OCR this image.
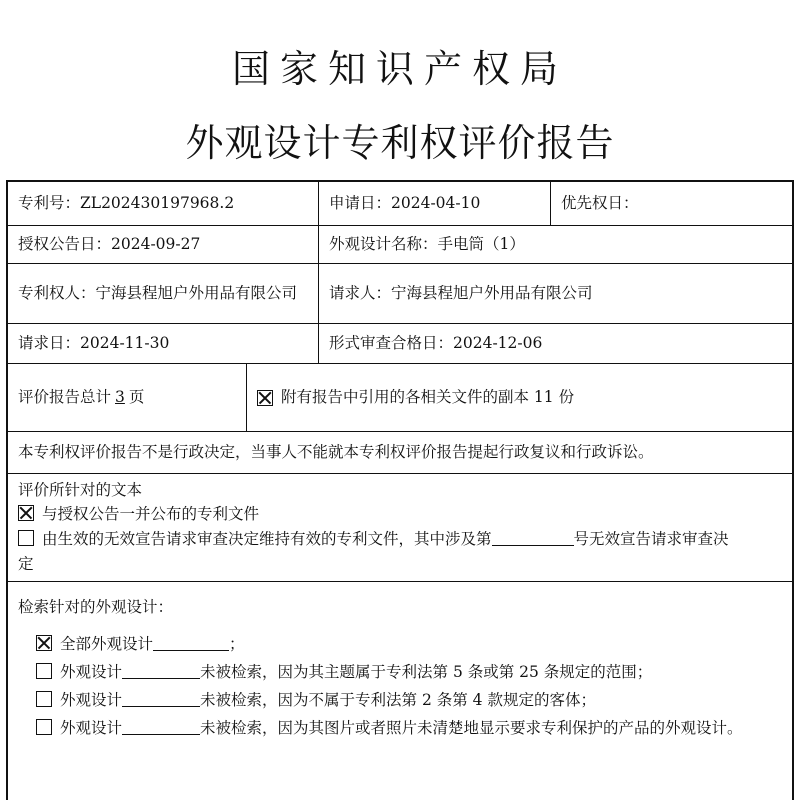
国家知识产权局
外观设计专利权评价报告
专利号：ZL202430197968.2	申请日：2024-04-10	优先权日：
授权公告日：2024-09-27	外观设计名称：手电筒（1）
专利权人：宁海县程旭户外用品有限公司	请求人：宁海县程旭户外用品有限公司
请求日：2024-11-30	形式审查合格日：2024-12-06
评价报告总计 3 页	附有报告中引用的各相关文件的副本 11 份
本专利权评价报告不是行政决定，当事人不能就本专利权评价报告提起行政复议和行政诉讼。
评价所针对的文本
与授权公告一并公布的专利文件
由生效的无效宣告请求审查决定维持有效的专利文件，其中涉及第	号无效宣告请求审查决
定
检索针对的外观设计：
全部外观设计	；
外观设计	未被检索，因为其主题属于专利法第 5 条或第 25 条规定的范围；
外观设计	未被检索，因为不属于专利法第 2 条第 4 款规定的客体；
外观设计	未被检索，因为其图片或者照片未清楚地显示要求专利保护的产品的外观设计。
